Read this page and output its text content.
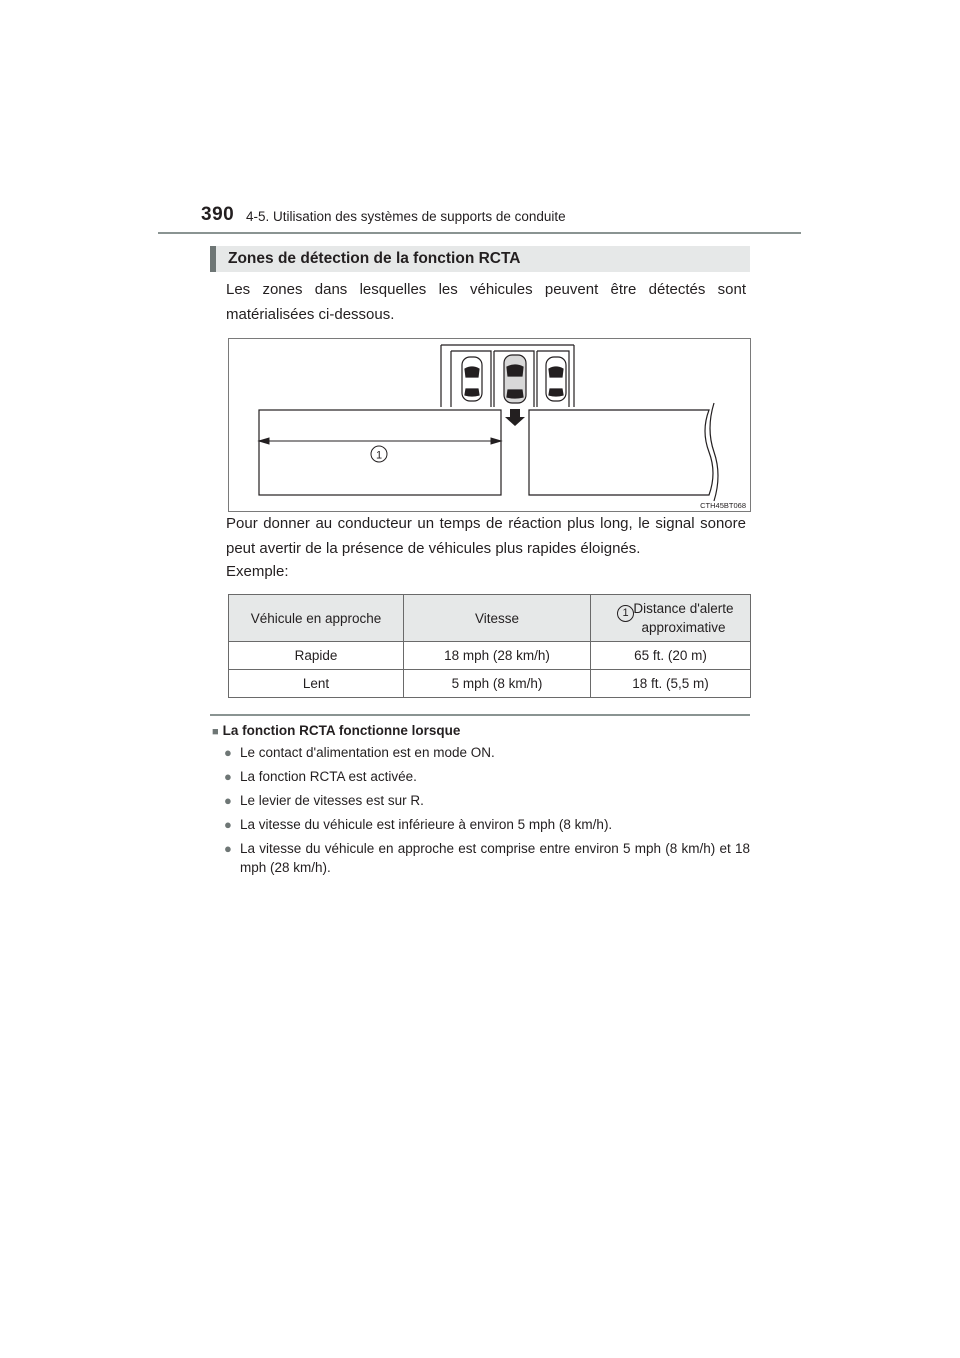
390 4-5. Utilisation des systèmes de supports de conduite
Zones de détection de la fonction RCTA

Les zones dans lesquelles les véhicules peuvent être détectés sont matérialisées ci-dessous.

1
CTH45BT068

Pour donner au conducteur un temps de réaction plus long, le signal sonore peut avertir de la présence de véhicules plus rapides éloignés.

Exemple:
Véhicule en approche	Vitesse	1 Distance d'alerte approximative

Rapide	18 mph (28 km/h)	65 ft. (20 m)
Lent	5 mph (8 km/h)	18 ft. (5,5 m)
■ La fonction RCTA fonctionne lorsque
● Le contact d'alimentation est en mode ON.
● La fonction RCTA est activée.
● Le levier de vitesses est sur R.
● La vitesse du véhicule est inférieure à environ 5 mph (8 km/h).
● La vitesse du véhicule en approche est comprise entre environ 5 mph (8 km/h) et 18 mph (28 km/h).
